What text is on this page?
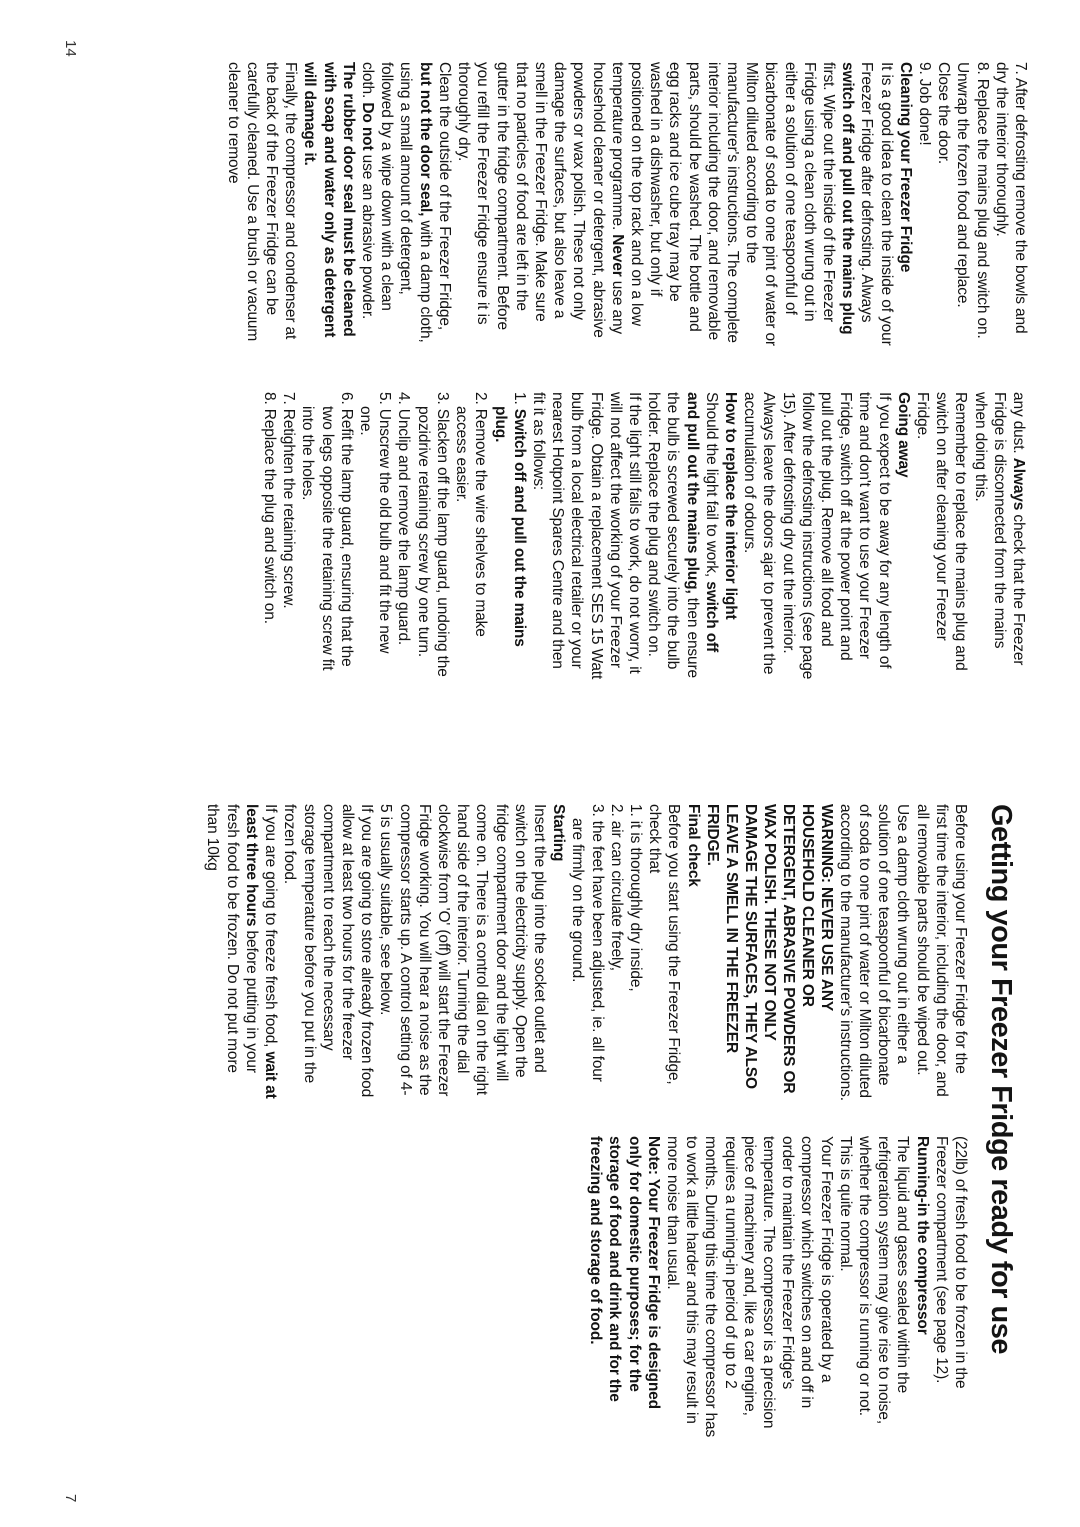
14
7

7. After defrosting remove the bowls and dry the interior thoroughly.

8. Replace the mains plug and switch on. Unwrap the frozen food and replace. Close the door.

9. Job done!

Cleaning your Freezer Fridge

It is a good idea to clean the inside of your Freezer Fridge after defrosting. Always switch off and pull out the mains plug first. Wipe out the inside of the Freezer Fridge using a clean cloth wrung out in either a solution of one teaspoonful of bicarbonate of soda to one pint of water or Milton diluted according to the manufacturer's instructions. The complete interior including the door, and removable parts, should be washed. The bottle and egg racks and ice cube tray may be washed in a dishwasher, but only if positioned on the top rack and on a low temperature programme. Never use any household cleaner or detergent, abrasive powders or wax polish. These not only damage the surfaces, but also leave a smell in the Freezer Fridge. Make sure that no particles of food are left in the gutter in the fridge compartment. Before you refill the Freezer Fridge ensure it is thoroughly dry.

Clean the outside of the Freezer Fridge, but not the door seal, with a damp cloth, using a small amount of detergent, followed by a wipe down with a clean cloth. Do not use an abrasive powder. The rubber door seal must be cleaned with soap and water only as detergent will damage it.

Finally, the compressor and condenser at the back of the Freezer Fridge can be carefully cleaned. Use a brush or vacuum cleaner to remove

any dust. Always check that the Freezer Fridge is disconnected from the mains when doing this.

Remember to replace the mains plug and switch on after cleaning your Freezer Fridge.

Going away

If you expect to be away for any length of time and don't want to use your Freezer Fridge, switch off at the power point and pull out the plug. Remove all food and follow the defrosting instructions (see page 15). After defrosting dry out the interior. Always leave the doors ajar to prevent the accumulation of odours.

How to replace the interior light

Should the light fail to work, switch off and pull out the mains plug, then ensure the bulb is screwed securely into the bulb holder. Replace the plug and switch on.

If the light still fails to work, do not worry, it will not affect the working of your Freezer Fridge. Obtain a replacement SES 15 Watt bulb from a local electrical retailer or your nearest Hotpoint Spares Centre and then fit it as follows:

1. Switch off and pull out the mains plug.

2. Remove the wire shelves to make access easier.

3. Slacken off the lamp guard, undoing the pozidrive retaining screw by one turn.

4. Unclip and remove the lamp guard.

5. Unscrew the old bulb and fit the new one.

6. Refit the lamp guard, ensuring that the two legs opposite the retaining screw fit into the holes.

7. Retighten the retaining screw.

8. Replace the plug and switch on.

Getting your Freezer Fridge ready for use

Before using your Freezer Fridge for the first time the interior, including the door, and all removable parts should be wiped out. Use a damp cloth wrung out in either a solution of one teaspoonful of bicarbonate of soda to one pint of water or Milton diluted according to the manufacturer's instructions.

WARNING: NEVER USE ANY HOUSEHOLD CLEANER OR DETERGENT, ABRASIVE POWDERS OR WAX POLISH. THESE NOT ONLY DAMAGE THE SURFACES, THEY ALSO LEAVE A SMELL IN THE FREEZER FRIDGE.

Final check

Before you start using the Freezer Fridge, check that

1. it is thoroughly dry inside,

2. air can circulate freely,

3. the feet have been adjusted, ie. all four are firmly on the ground.

Starting

Insert the plug into the socket outlet and switch on the electricity supply. Open the fridge compartment door and the light will come on. There is a control dial on the right hand side of the interior. Turning the dial clockwise from 'O' (off) will start the Freezer Fridge working. You will hear a noise as the compressor starts up. A control setting of 4-5 is usually suitable, see below.

If you are going to store already frozen food allow at least two hours for the freezer compartment to reach the necessary storage temperature before you put in the frozen food.

If you are going to freeze fresh food, wait at least three hours before putting in your fresh food to be frozen. Do not put more than 10kg

(22lb) of fresh food to be frozen in the Freezer compartment (see page 12).

Running-in the compressor

The liquid and gases sealed within the refrigeration system may give rise to noise, whether the compressor is running or not. This is quite normal.

Your Freezer Fridge is operated by a compressor which switches on and off in order to maintain the Freezer Fridge's temperature. The compressor is a precision piece of machinery and, like a car engine, requires a running-in period of up to 2 months. During this time the compressor has to work a little harder and this may result in more noise than usual.

Note: Your Freezer Fridge is designed only for domestic purposes; for the storage of food and drink and for the freezing and storage of food.
